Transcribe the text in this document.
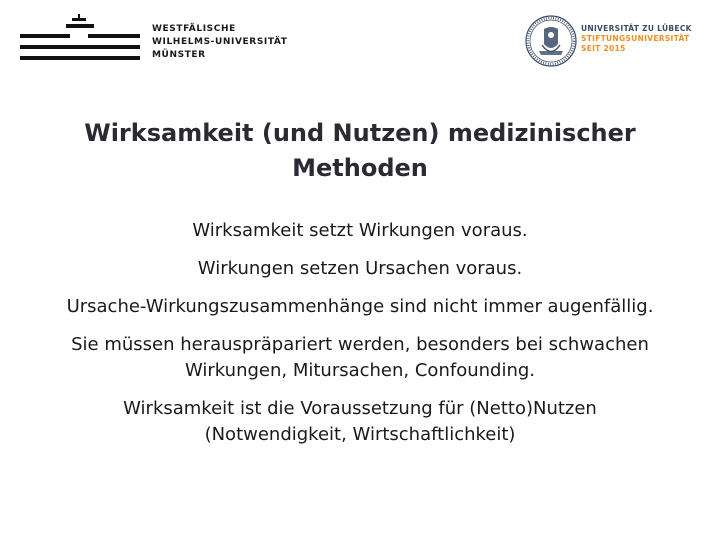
WESTFÄLISCHE
WILHELMS-UNIVERSITÄT
MÜNSTER
UNIVERSITÄT ZU LÜBECK
STIFTUNGSUNIVERSITÄT
SEIT 2015
Wirksamkeit (und Nutzen) medizinischer
Methoden

Wirksamkeit setzt Wirkungen voraus.

Wirkungen setzen Ursachen voraus.

Ursache-Wirkungszusammenhänge sind nicht immer augenfällig.

Sie müssen herauspräpariert werden, besonders bei schwachen
Wirkungen, Mitursachen, Confounding.

Wirksamkeit ist die Voraussetzung für (Netto)Nutzen
(Notwendigkeit, Wirtschaftlichkeit)
